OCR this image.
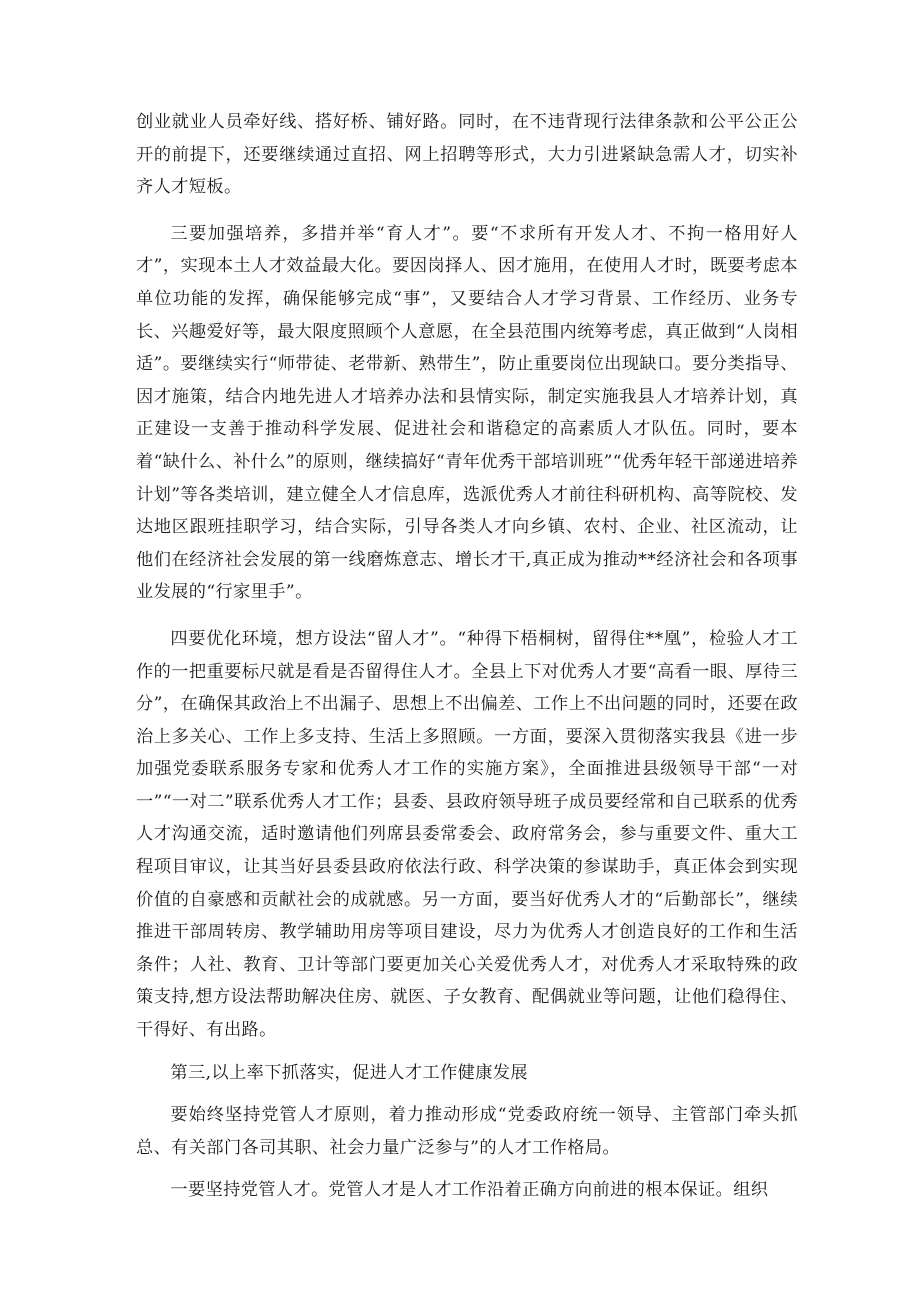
创业就业人员牵好线、搭好桥、铺好路。同时，在不违背现行法律条款和公平公正公开的前提下，还要继续通过直招、网上招聘等形式，大力引进紧缺急需人才，切实补齐人才短板。

三要加强培养，多措并举“育人才”。要“不求所有开发人才、不拘一格用好人才”，实现本土人才效益最大化。要因岗择人、因才施用，在使用人才时，既要考虑本单位功能的发挥，确保能够完成“事”，又要结合人才学习背景、工作经历、业务专长、兴趣爱好等，最大限度照顾个人意愿，在全县范围内统筹考虑，真正做到“人岗相适”。要继续实行“师带徒、老带新、熟带生”，防止重要岗位出现缺口。要分类指导、因才施策，结合内地先进人才培养办法和县情实际，制定实施我县人才培养计划，真正建设一支善于推动科学发展、促进社会和谐稳定的高素质人才队伍。同时，要本着“缺什么、补什么”的原则，继续搞好“青年优秀干部培训班”“优秀年轻干部递进培养计划”等各类培训，建立健全人才信息库，选派优秀人才前往科研机构、高等院校、发达地区跟班挂职学习，结合实际，引导各类人才向乡镇、农村、企业、社区流动，让他们在经济社会发展的第一线磨炼意志、增长才干,真正成为推动**经济社会和各项事业发展的“行家里手”。

四要优化环境，想方设法“留人才”。“种得下梧桐树，留得住**凰”，检验人才工作的一把重要标尺就是看是否留得住人才。全县上下对优秀人才要“高看一眼、厚待三分”，在确保其政治上不出漏子、思想上不出偏差、工作上不出问题的同时，还要在政治上多关心、工作上多支持、生活上多照顾。一方面，要深入贯彻落实我县《进一步加强党委联系服务专家和优秀人才工作的实施方案》，全面推进县级领导干部“一对一”“一对二”联系优秀人才工作；县委、县政府领导班子成员要经常和自己联系的优秀人才沟通交流，适时邀请他们列席县委常委会、政府常务会，参与重要文件、重大工程项目审议，让其当好县委县政府依法行政、科学决策的参谋助手，真正体会到实现价值的自豪感和贡献社会的成就感。另一方面，要当好优秀人才的“后勤部长”，继续推进干部周转房、教学辅助用房等项目建设，尽力为优秀人才创造良好的工作和生活条件；人社、教育、卫计等部门要更加关心关爱优秀人才，对优秀人才采取特殊的政策支持,想方设法帮助解决住房、就医、子女教育、配偶就业等问题，让他们稳得住、干得好、有出路。

第三,以上率下抓落实，促进人才工作健康发展

要始终坚持党管人才原则，着力推动形成“党委政府统一领导、主管部门牵头抓总、有关部门各司其职、社会力量广泛参与”的人才工作格局。

一要坚持党管人才。党管人才是人才工作沿着正确方向前进的根本保证。组织
